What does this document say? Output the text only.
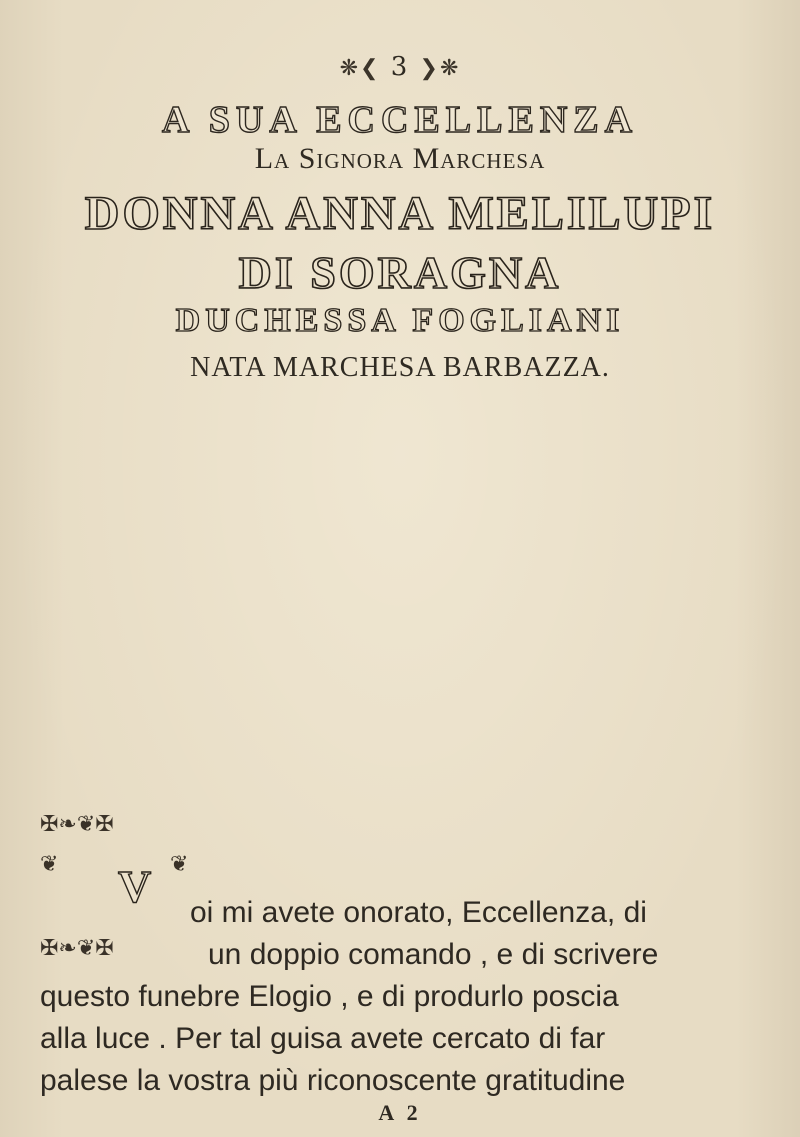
❋❮ 3 ❯❋
A SUA ECCELLENZA
La Signora Marchesa
DONNA ANNA MELILUPI
DI SORAGNA
DUCHESSA FOGLIANI
NATA MARCHESA BARBAZZA.
✠❧❦✠
❦	❦
✠❧❦✠
V
oi mi avete onorato, Eccellenza, di
un doppio comando , e di scrivere
questo funebre Elogio , e di produrlo poscia
alla luce . Per tal guisa avete cercato di far
palese la vostra più riconoscente gratitudine
A 2
